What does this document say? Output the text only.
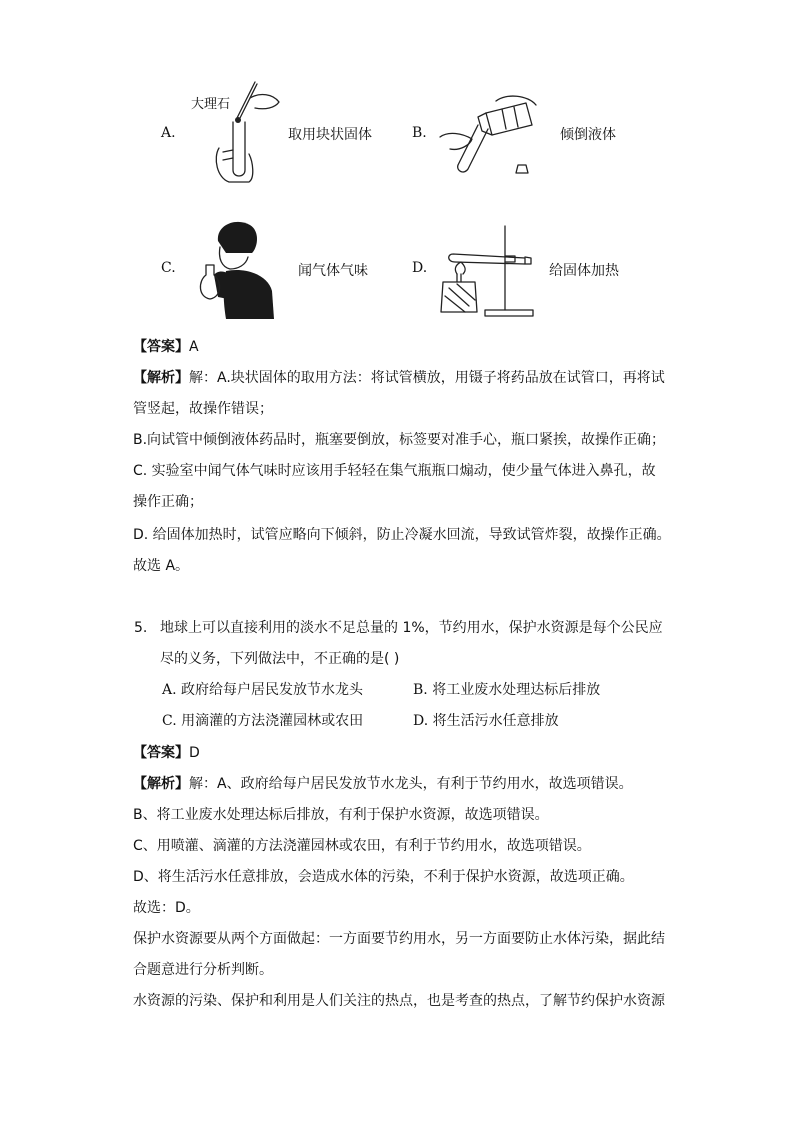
A.
大理石
取用块状固体	B.	倾倒液体
C.	闻气体气味	D.	给固体加热
【答案】A
【解析】解：A.块状固体的取用方法：将试管横放，用镊子将药品放在试管口，再将试
管竖起，故操作错误；
B.向试管中倾倒液体药品时，瓶塞要倒放，标签要对准手心，瓶口紧挨，故操作正确；
C. 实验室中闻气体气味时应该用手轻轻在集气瓶瓶口煽动，使少量气体进入鼻孔，故
操作正确；
D. 给固体加热时，试管应略向下倾斜，防止冷凝水回流，导致试管炸裂，故操作正确。
故选 A。
5. 地球上可以直接利用的淡水不足总量的 1%，节约用水，保护水资源是每个公民应
尽的义务，下列做法中，不正确的是( )
A. 政府给每户居民发放节水龙头	B. 将工业废水处理达标后排放
C. 用滴灌的方法浇灌园林或农田	D. 将生活污水任意排放
【答案】D
【解析】解：A、政府给每户居民发放节水龙头，有利于节约用水，故选项错误。
B、将工业废水处理达标后排放，有利于保护水资源，故选项错误。
C、用喷灌、滴灌的方法浇灌园林或农田，有利于节约用水，故选项错误。
D、将生活污水任意排放，会造成水体的污染，不利于保护水资源，故选项正确。
故选：D。
保护水资源要从两个方面做起：一方面要节约用水，另一方面要防止水体污染，据此结
合题意进行分析判断。
水资源的污染、保护和利用是人们关注的热点，也是考查的热点，了解节约保护水资源
